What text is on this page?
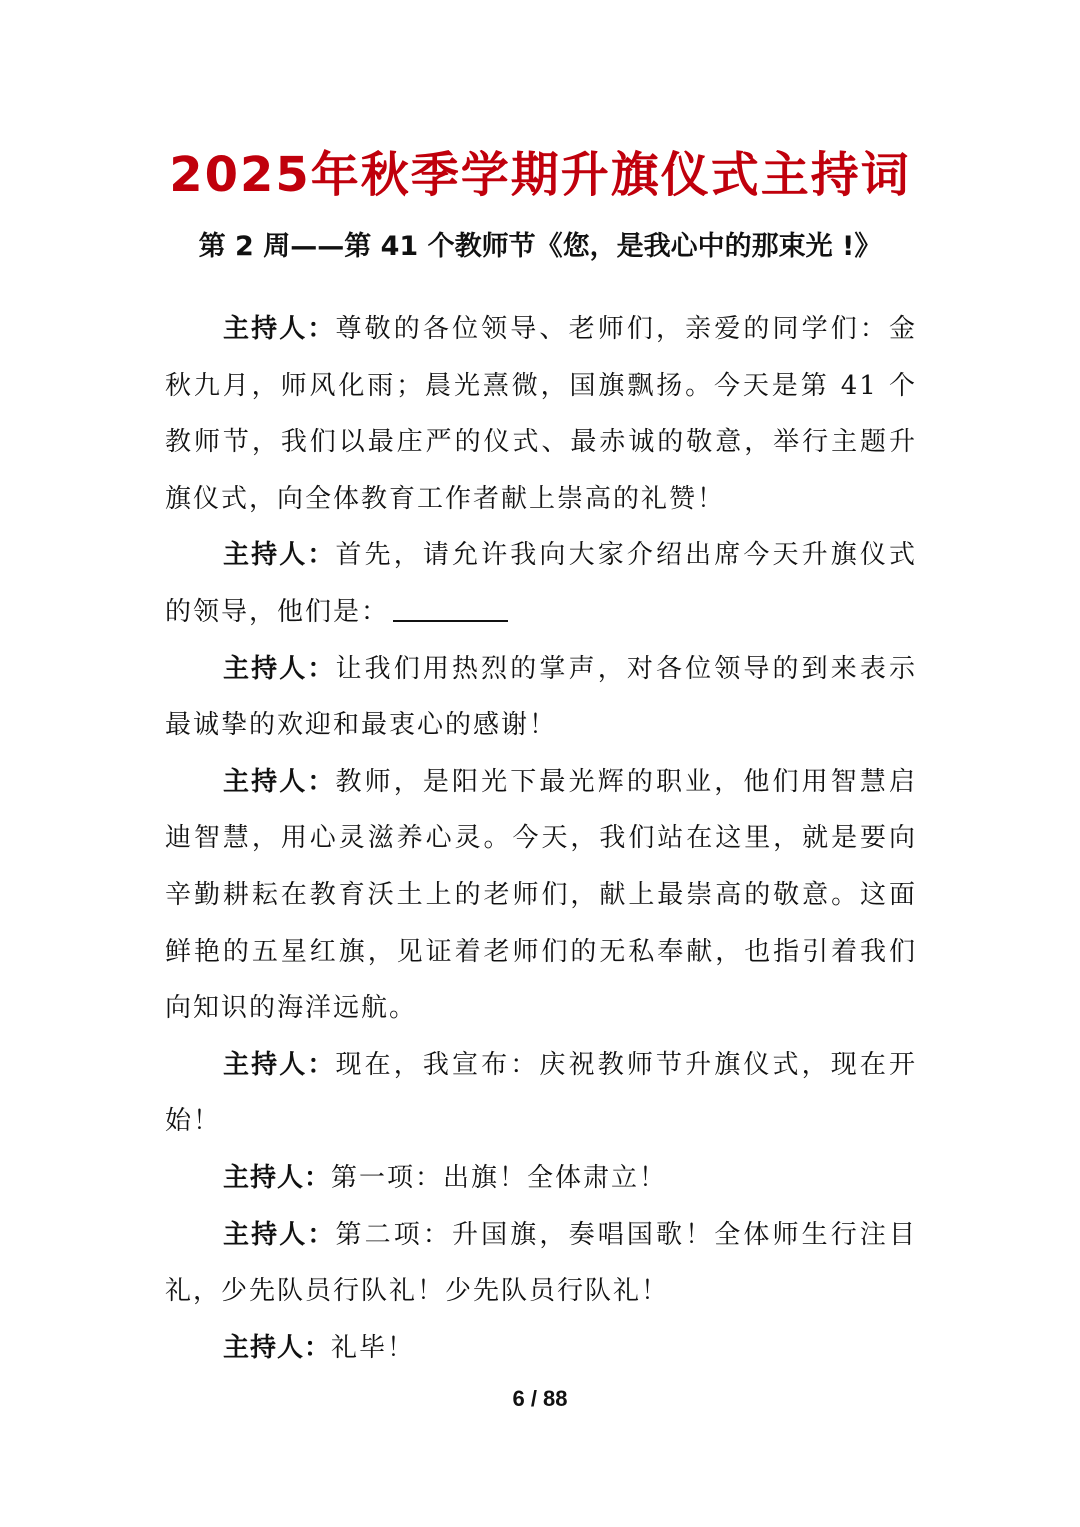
2025年秋季学期升旗仪式主持词
第 2 周——第 41 个教师节《您，是我心中的那束光 !》

主持人：尊敬的各位领导、老师们，亲爱的同学们：金秋九月，师风化雨；晨光熹微，国旗飘扬。今天是第 41 个教师节，我们以最庄严的仪式、最赤诚的敬意，举行主题升旗仪式，向全体教育工作者献上崇高的礼赞！

主持人：首先，请允许我向大家介绍出席今天升旗仪式的领导，他们是：

主持人：让我们用热烈的掌声，对各位领导的到来表示最诚挚的欢迎和最衷心的感谢！

主持人：教师，是阳光下最光辉的职业，他们用智慧启迪智慧，用心灵滋养心灵。今天，我们站在这里，就是要向辛勤耕耘在教育沃土上的老师们，献上最崇高的敬意。这面鲜艳的五星红旗，见证着老师们的无私奉献，也指引着我们向知识的海洋远航。

主持人：现在，我宣布：庆祝教师节升旗仪式，现在开始！

主持人：第一项：出旗！全体肃立！

主持人：第二项：升国旗，奏唱国歌！全体师生行注目礼，少先队员行队礼！少先队员行队礼！

主持人：礼毕！

6 / 88
